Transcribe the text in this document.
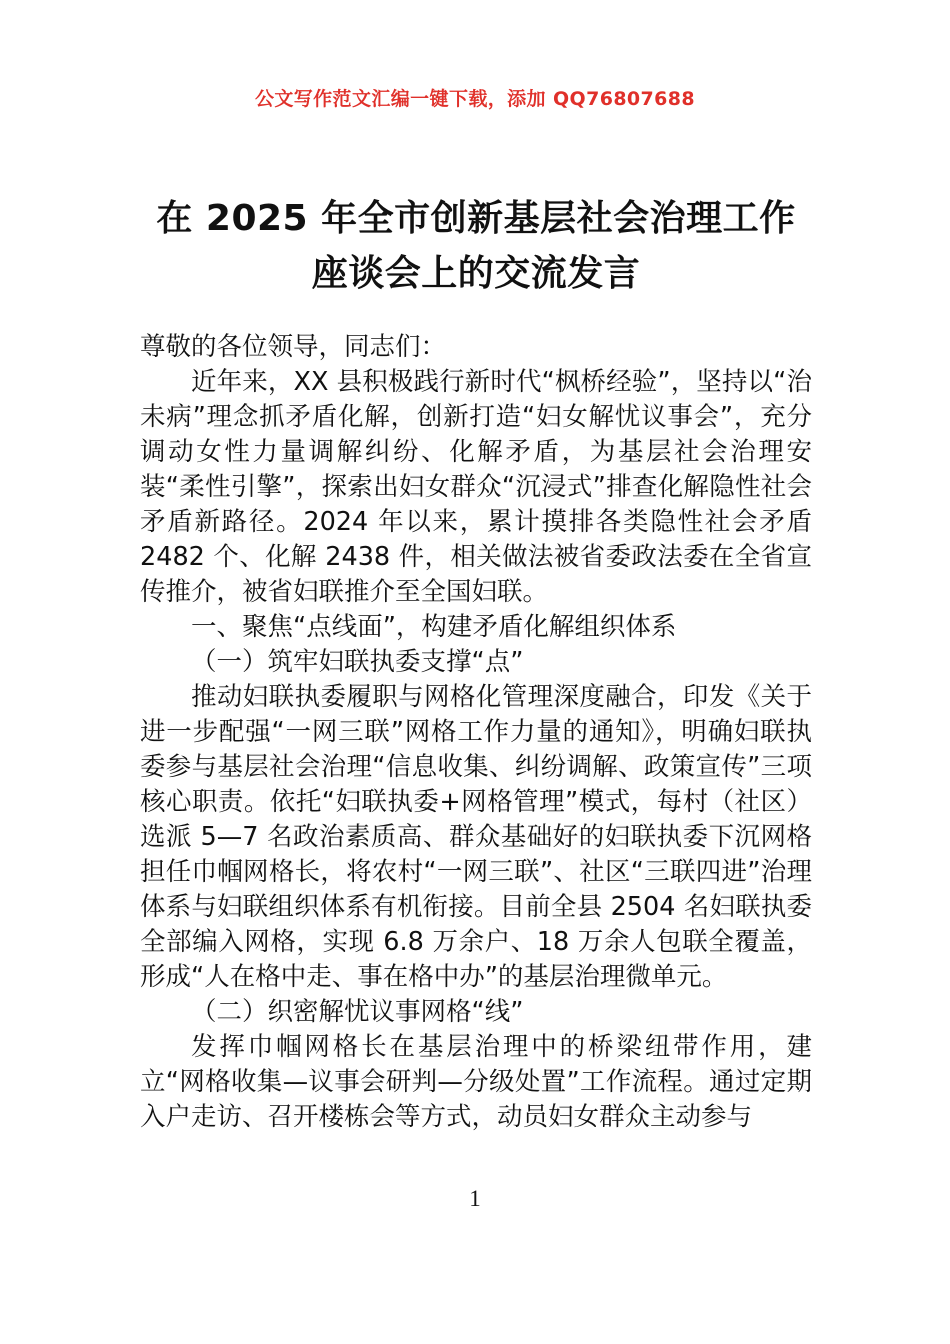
公文写作范文汇编一键下载，添加 QQ76807688
在 2025 年全市创新基层社会治理工作座谈会上的交流发言

尊敬的各位领导，同志们：

近年来，XX 县积极践行新时代“枫桥经验”，坚持以“治未病”理念抓矛盾化解，创新打造“妇女解忧议事会”，充分调动女性力量调解纠纷、化解矛盾，为基层社会治理安装“柔性引擎”，探索出妇女群众“沉浸式”排查化解隐性社会矛盾新路径。2024 年以来，累计摸排各类隐性社会矛盾 2482 个、化解 2438 件，相关做法被省委政法委在全省宣传推介，被省妇联推介至全国妇联。

一、聚焦“点线面”，构建矛盾化解组织体系

（一）筑牢妇联执委支撑“点”

推动妇联执委履职与网格化管理深度融合，印发《关于进一步配强“一网三联”网格工作力量的通知》，明确妇联执委参与基层社会治理“信息收集、纠纷调解、政策宣传”三项核心职责。依托“妇联执委+网格管理”模式，每村（社区）选派 5—7 名政治素质高、群众基础好的妇联执委下沉网格担任巾帼网格长，将农村“一网三联”、社区“三联四进”治理体系与妇联组织体系有机衔接。目前全县 2504 名妇联执委全部编入网格，实现 6.8 万余户、18 万余人包联全覆盖，形成“人在格中走、事在格中办”的基层治理微单元。

（二）织密解忧议事网格“线”

发挥巾帼网格长在基层治理中的桥梁纽带作用，建立“网格收集—议事会研判—分级处置”工作流程。通过定期入户走访、召开楼栋会等方式，动员妇女群众主动参与

1
